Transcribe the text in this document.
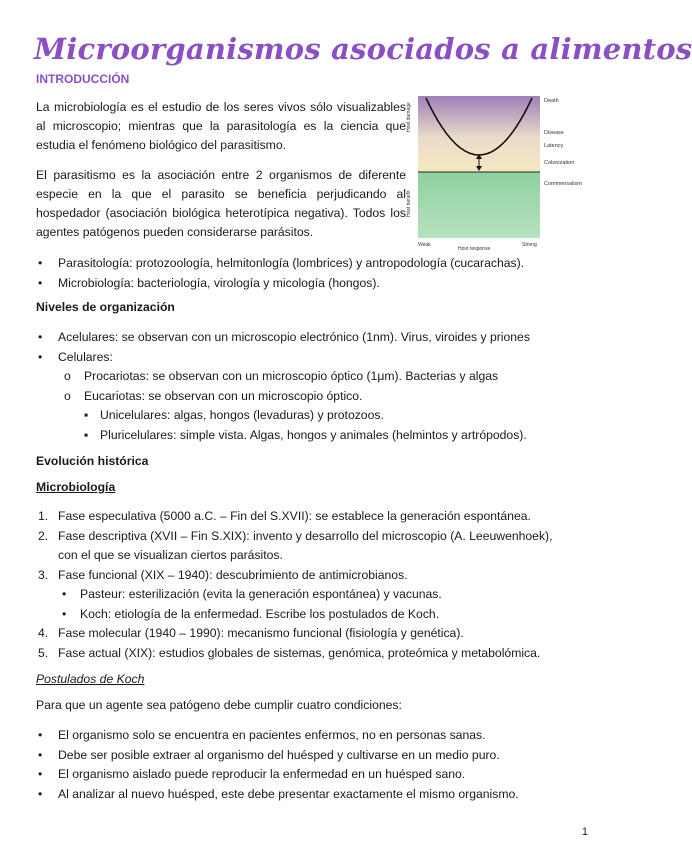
Microorganismos asociados a alimentos
INTRODUCCIÓN
La microbiología es el estudio de los seres vivos sólo visualizables al microscopio; mientras que la parasitología es la ciencia que estudia el fenómeno biológico del parasitismo.
El parasitismo es la asociación entre 2 organismos de diferente especie en la que el parasito se beneficia perjudicando al hospedador (asociación biológica heterotípica negativa). Todos los agentes patógenos pueden considerarse parásitos.
Host damage
Host benefit
Weak
Host response
Strong
Death
Disease
Latency
Colonization
Commensalism
• Parasitología: protozoología, helmitonlogía (lombrices) y antropodología (cucarachas).
• Microbiología: bacteriología, virología y micología (hongos).
Niveles de organización
• Acelulares: se observan con un microscopio electrónico (1nm). Virus, viroides y priones
• Celulares:
o Procariotas: se observan con un microscopio óptico (1μm). Bacterias y algas
o Eucariotas: se observan con un microscopio óptico.
▪ Unicelulares: algas, hongos (levaduras) y protozoos.
▪ Pluricelulares: simple vista. Algas, hongos y animales (helmintos y artrópodos).
Evolución histórica
Microbiología
1. Fase especulativa (5000 a.C. – Fin del S.XVII): se establece la generación espontánea.
2. Fase descriptiva (XVII – Fin S.XIX): invento y desarrollo del microscopio (A. Leeuwenhoek),
con el que se visualizan ciertos parásitos.
3. Fase funcional (XIX – 1940): descubrimiento de antimicrobianos.
• Pasteur: esterilización (evita la generación espontánea) y vacunas.
• Koch: etiología de la enfermedad. Escribe los postulados de Koch.
4. Fase molecular (1940 – 1990): mecanismo funcional (fisiología y genética).
5. Fase actual (XIX): estudios globales de sistemas, genómica, proteómica y metabolómica.
Postulados de Koch
Para que un agente sea patógeno debe cumplir cuatro condiciones:
• El organismo solo se encuentra en pacientes enfermos, no en personas sanas.
• Debe ser posible extraer al organismo del huésped y cultivarse en un medio puro.
• El organismo aislado puede reproducir la enfermedad en un huésped sano.
• Al analizar al nuevo huésped, este debe presentar exactamente el mismo organismo.
1
